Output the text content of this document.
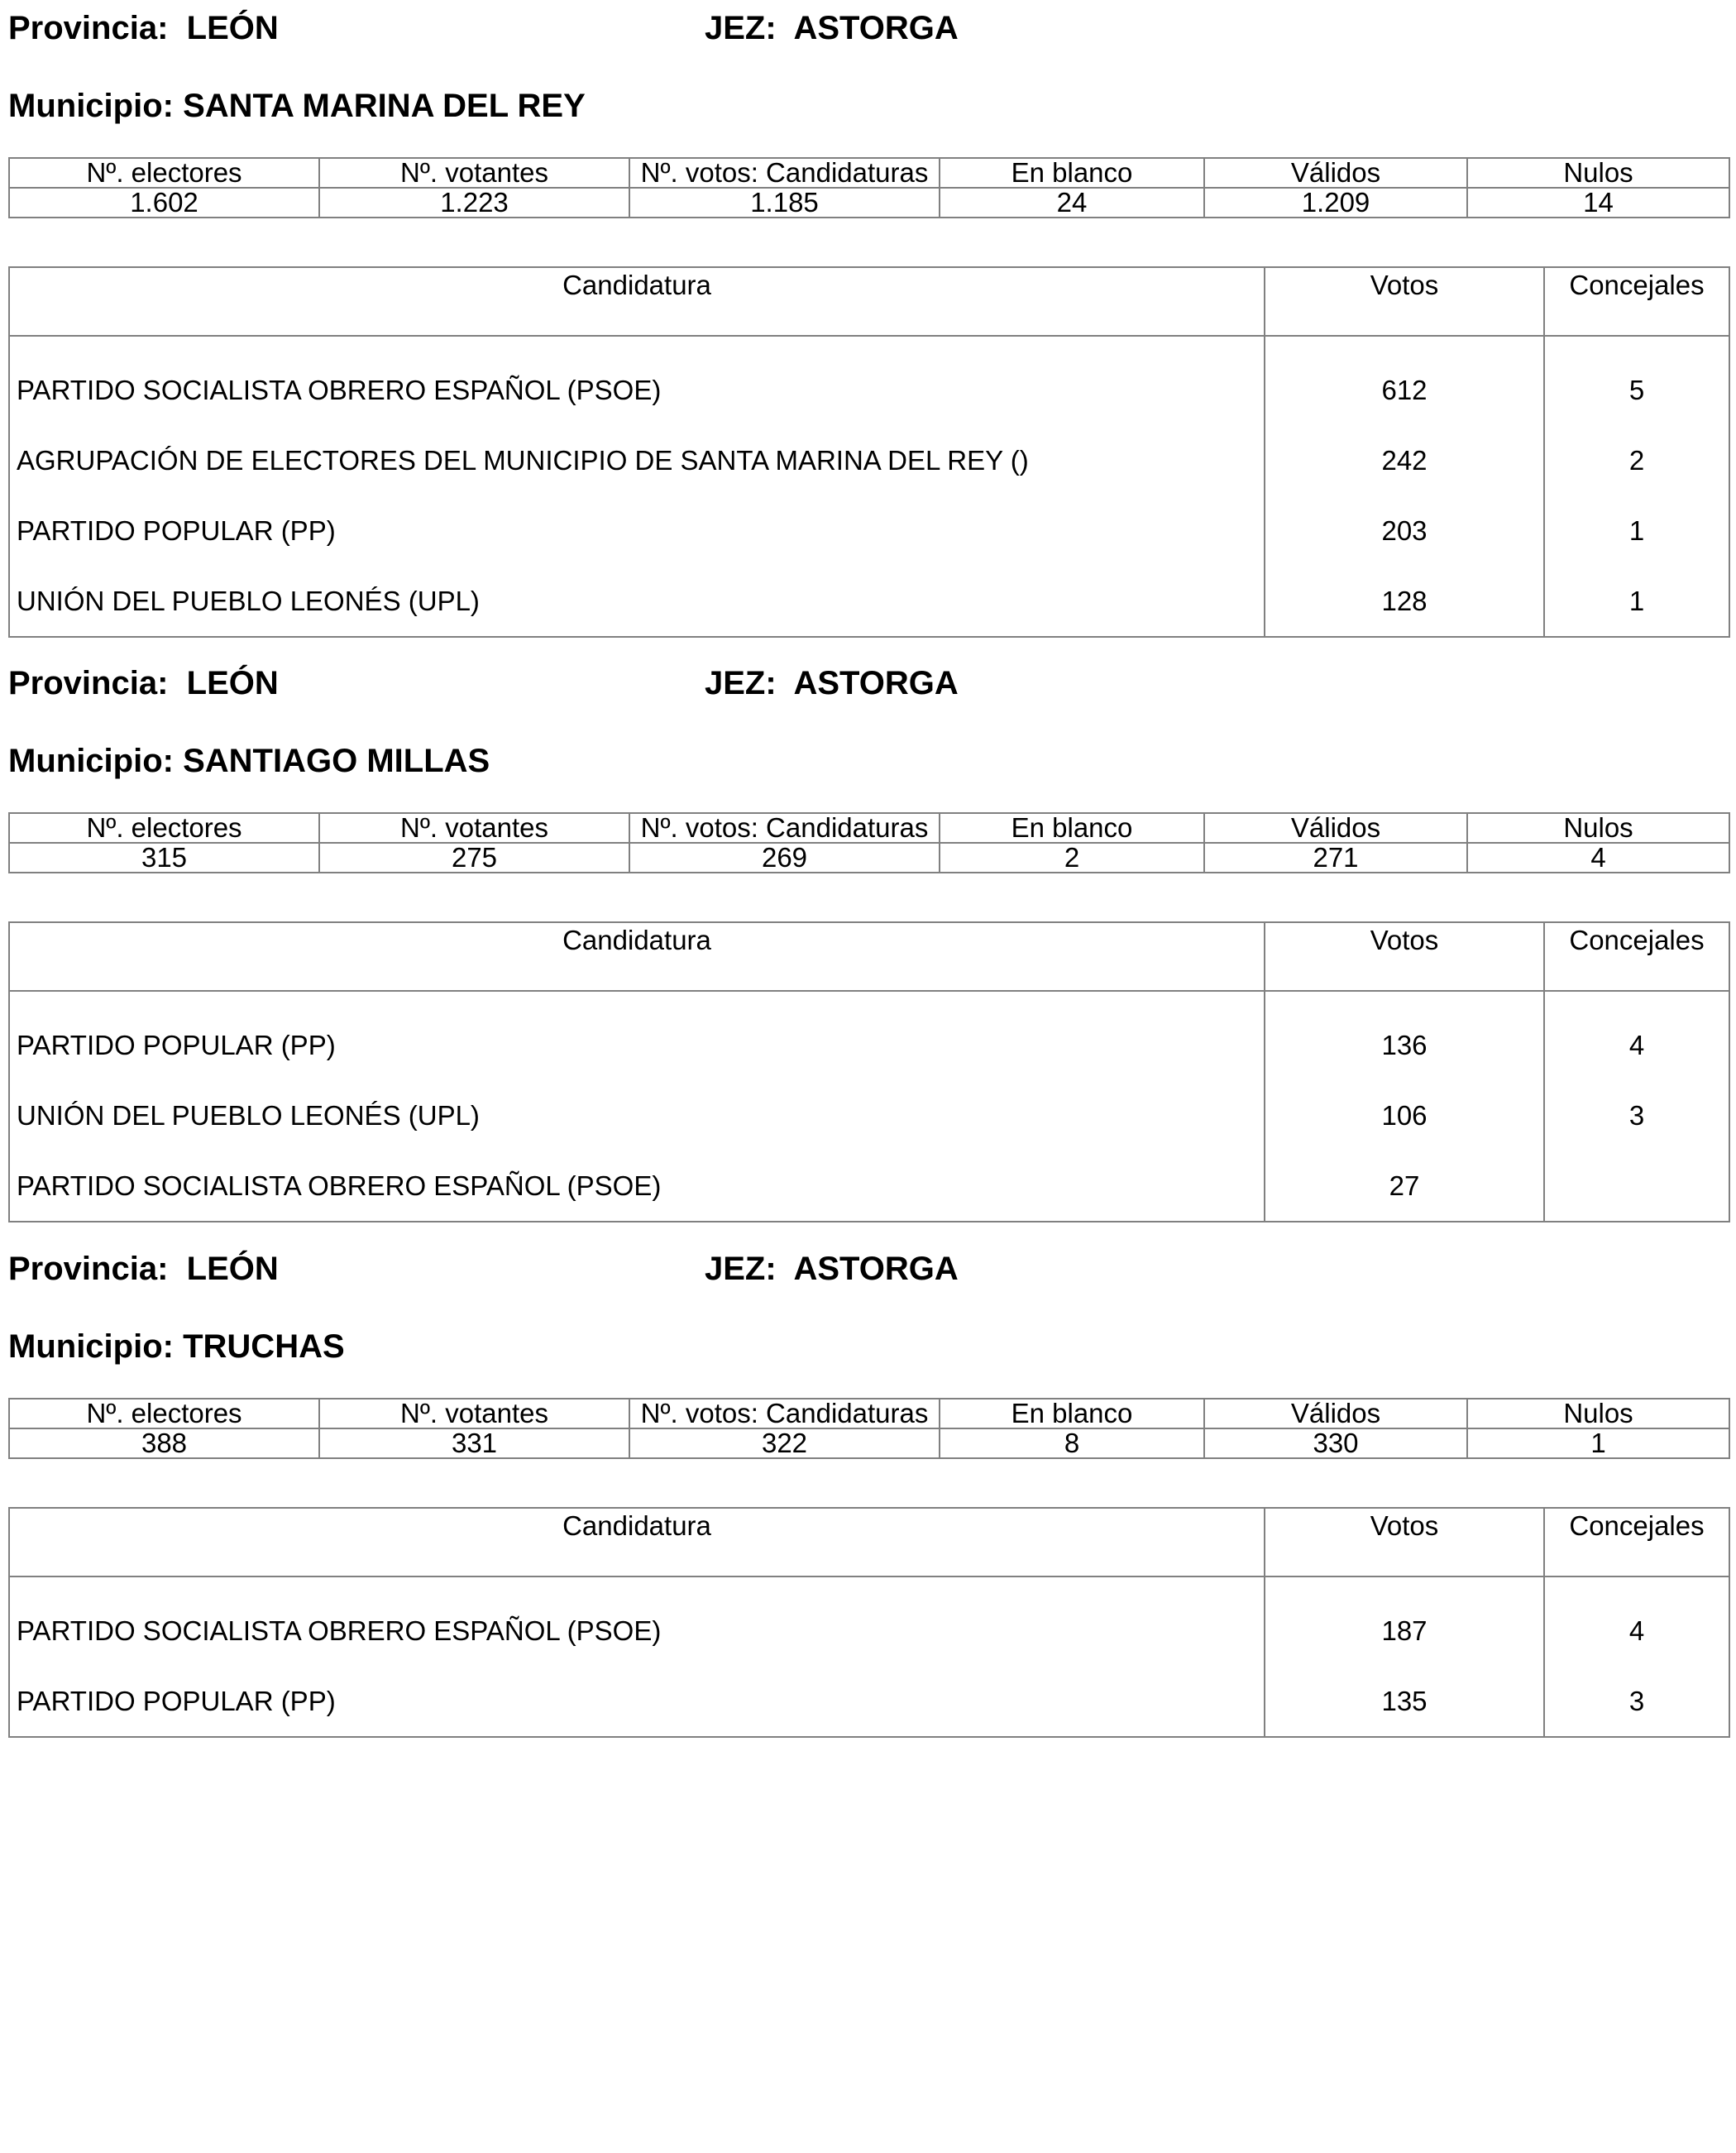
Provincia: LEÓN	JEZ: ASTORGA
Municipio: SANTA MARINA DEL REY
Nº. electores	Nº. votantes	Nº. votos: Candidaturas	En blanco	Válidos	Nulos
1.602	1.223	1.185	24	1.209	14
Candidatura	Votos	Concejales
PARTIDO SOCIALISTA OBRERO ESPAÑOL (PSOE)	612	5
AGRUPACIÓN DE ELECTORES DEL MUNICIPIO DE SANTA MARINA DEL REY ()	242	2
PARTIDO POPULAR (PP)	203	1
UNIÓN DEL PUEBLO LEONÉS (UPL)	128	1
Provincia: LEÓN	JEZ: ASTORGA
Municipio: SANTIAGO MILLAS
Nº. electores	Nº. votantes	Nº. votos: Candidaturas	En blanco	Válidos	Nulos
315	275	269	2	271	4
Candidatura	Votos	Concejales
PARTIDO POPULAR (PP)	136	4
UNIÓN DEL PUEBLO LEONÉS (UPL)	106	3
PARTIDO SOCIALISTA OBRERO ESPAÑOL (PSOE)	27	
Provincia: LEÓN	JEZ: ASTORGA
Municipio: TRUCHAS
Nº. electores	Nº. votantes	Nº. votos: Candidaturas	En blanco	Válidos	Nulos
388	331	322	8	330	1
Candidatura	Votos	Concejales
PARTIDO SOCIALISTA OBRERO ESPAÑOL (PSOE)	187	4
PARTIDO POPULAR (PP)	135	3
